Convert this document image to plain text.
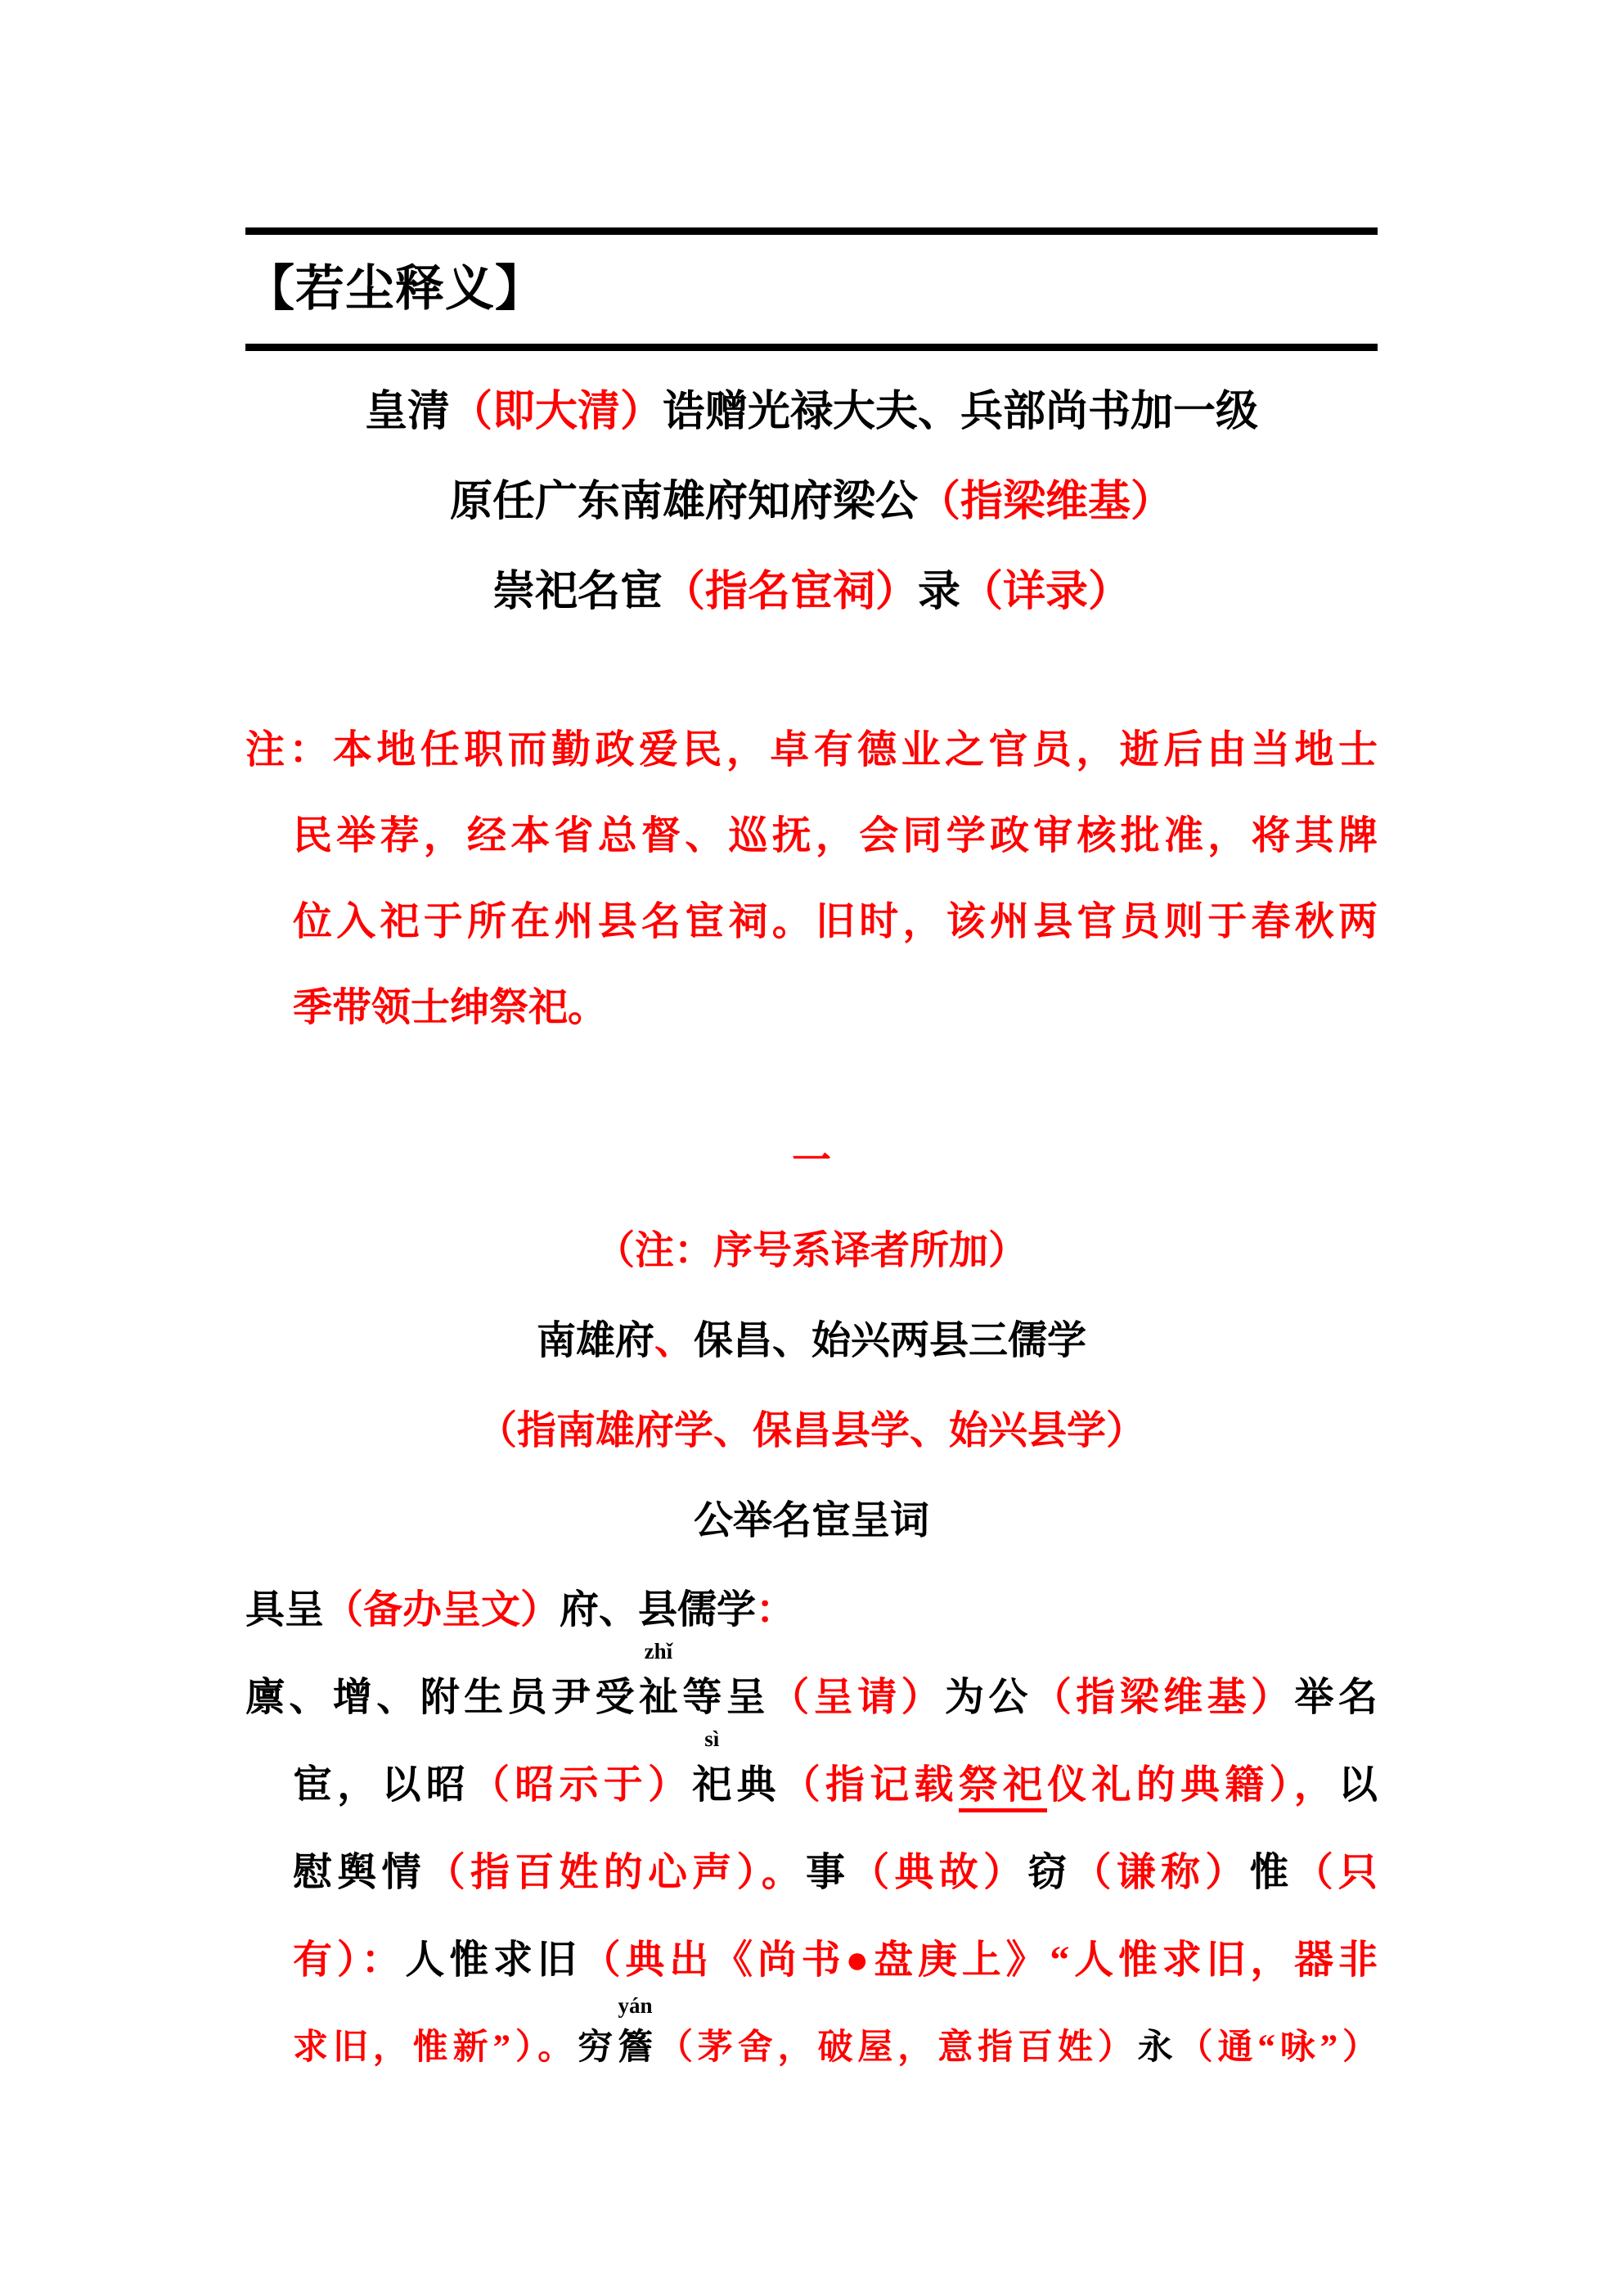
【若尘释义】
皇清（即大清）诰赠光禄大夫、兵部尚书加一级
原任广东南雄府知府梁公（指梁维基）
崇祀名宦（指名宦祠）录（详录）
注：本地任职而勤政爱民，卓有德业之官员，逝后由当地士
民举荐，经本省总督、巡抚，会同学政审核批准，将其牌
位入祀于所在州县名宦祠。旧时，该州县官员则于春秋两
季带领士绅祭祀。
一
（注：序号系译者所加）
南雄府、保昌、始兴两县三儒学
（指南雄府学、保昌县学、始兴县学）
公举名宦呈词
具呈（备办呈文）府、县儒学：
廪、增、附生员尹受
zhǐ
祉等呈（呈请）为公（指梁维基）举名
宦，以昭（昭示于）
sì
祀典（指记载祭祀仪礼的典籍），以
慰舆情（指百姓的心声）。事（典故）窃（谦称）惟（只
有）：人惟求旧（典出《尚书●盘庚上》“人惟求旧，器非
求旧，惟新”）。穷
yán
簷（茅舍，破屋，意指百姓）永（通“咏”）
